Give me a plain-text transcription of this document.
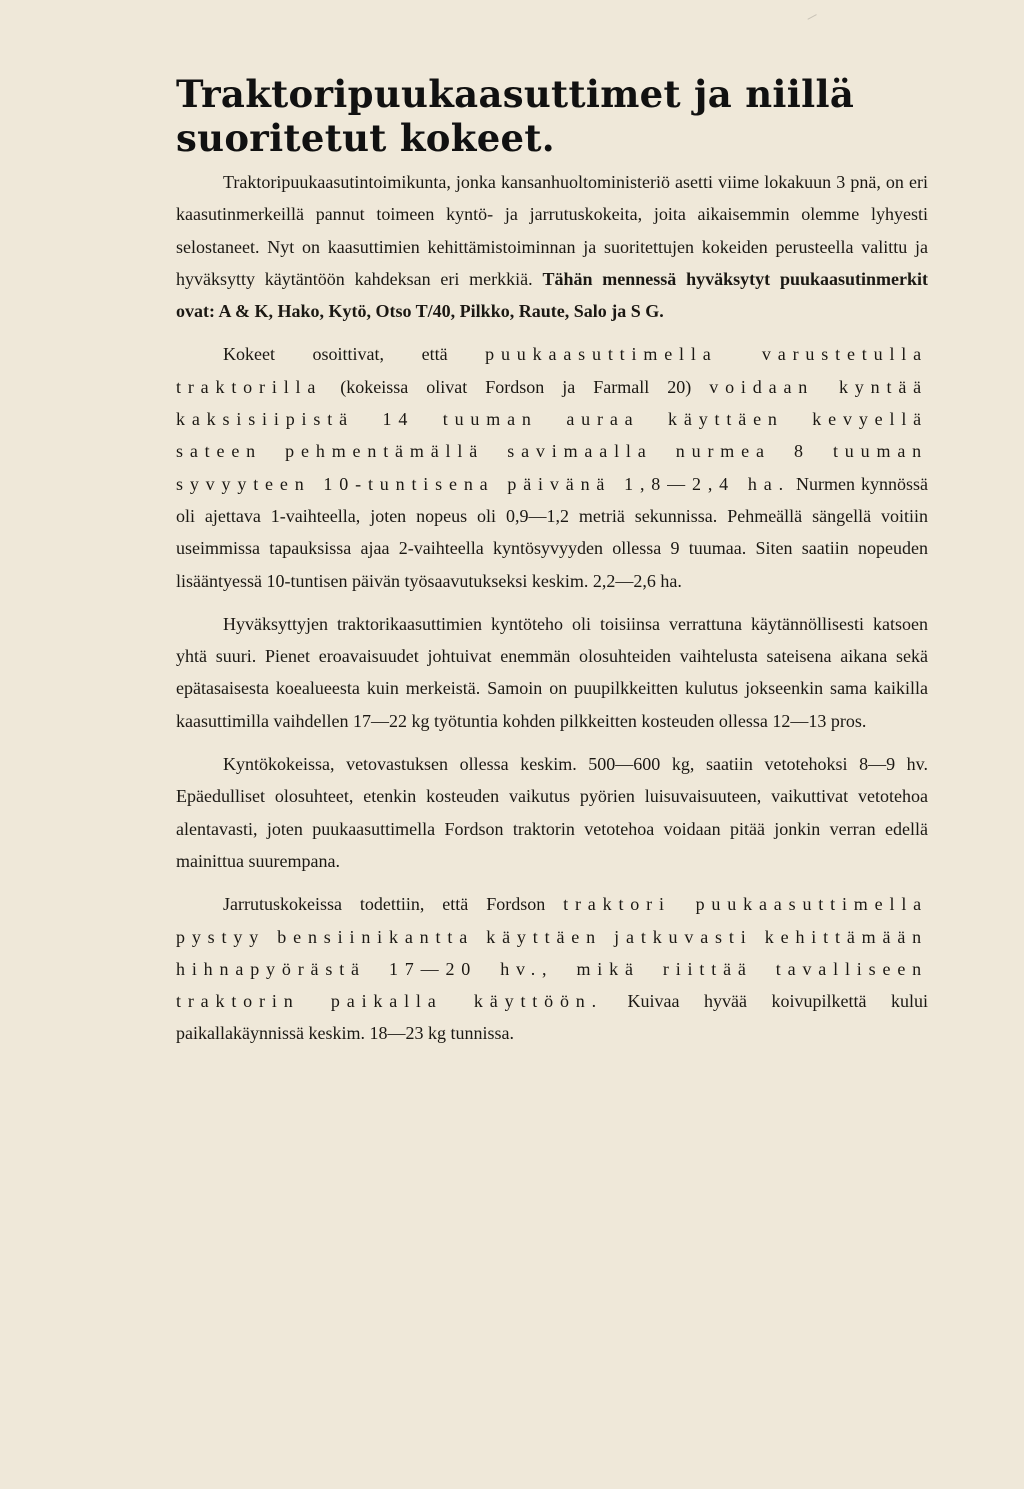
Traktoripuukaasuttimet ja niillä suoritetut kokeet.

Traktoripuukaasutintoimikunta, jonka kansanhuoltoministeriö asetti viime lokakuun 3 pnä, on eri kaasutinmerkeillä pannut toimeen kyntö- ja jarrutuskokeita, joita aikaisemmin olemme lyhyesti selostaneet. Nyt on kaasuttimien kehittämistoiminnan ja suoritettujen kokeiden perusteella valittu ja hyväksytty käytäntöön kahdeksan eri merkkiä. Tähän mennessä hyväksytyt puukaasutinmerkit ovat: A & K, Hako, Kytö, Otso T/40, Pilkko, Raute, Salo ja S G.

Kokeet osoittivat, että puukaasuttimella varustetulla traktorilla (kokeissa olivat Fordson ja Farmall 20) voidaan kyntää kaksisiipistä 14 tuuman auraa käyttäen kevyellä sateen pehmentämällä savimaalla nurmea 8 tuuman syvyyteen 10-tuntisena päivänä 1,8—2,4 ha. Nurmen kynnössä oli ajettava 1-vaihteella, joten nopeus oli 0,9—1,2 metriä sekunnissa. Pehmeällä sängellä voitiin useimmissa tapauksissa ajaa 2-vaihteella kyntösyvyyden ollessa 9 tuumaa. Siten saatiin nopeuden lisääntyessä 10-tuntisen päivän työsaavutukseksi keskim. 2,2—2,6 ha.

Hyväksyttyjen traktorikaasuttimien kyntöteho oli toisiinsa verrattuna käytännöllisesti katsoen yhtä suuri. Pienet eroavaisuudet johtuivat enemmän olosuhteiden vaihtelusta sateisena aikana sekä epätasaisesta koealueesta kuin merkeistä. Samoin on puupilkkeitten kulutus jokseenkin sama kaikilla kaasuttimilla vaihdellen 17—22 kg työtuntia kohden pilkkeitten kosteuden ollessa 12—13 pros.

Kyntökokeissa, vetovastuksen ollessa keskim. 500—600 kg, saatiin vetotehoksi 8—9 hv. Epäedulliset olosuhteet, etenkin kosteuden vaikutus pyörien luisuvaisuuteen, vaikuttivat vetotehoa alentavasti, joten puukaasuttimella Fordson traktorin vetotehoa voidaan pitää jonkin verran edellä mainittua suurempana.

Jarrutuskokeissa todettiin, että Fordson traktori puukaasuttimella pystyy bensiinikantta käyttäen jatkuvasti kehittämään hihnapyörästä 17—20 hv., mikä riittää tavalliseen traktorin paikalla käyttöön. Kuivaa hyvää koivupilkettä kului paikallakäynnissä keskim. 18—23 kg tunnissa.
